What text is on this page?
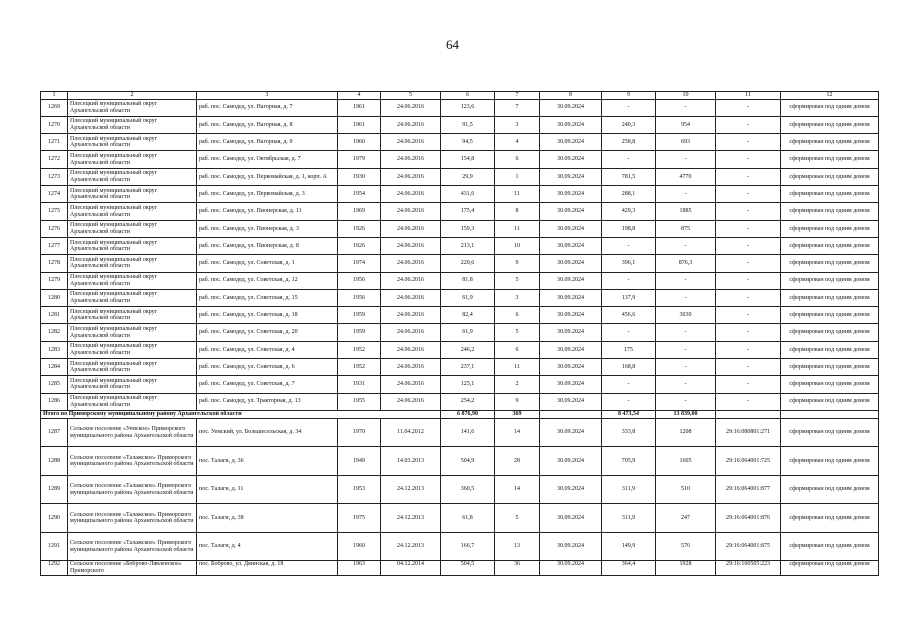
64
1	2	3	4	5	6	7	8	9	10	11	12
1269	Плесецкий муниципальный округ Архангельской области	раб. пос. Самодед, ул. Нагорная, д. 7	1961	24.06.2016	123,6	7	30.09.2024	-	-	-	сформирован под одним домом
1270	Плесецкий муниципальный округ Архангельской области	раб. пос. Самодед, ул. Нагорная, д. 8	1961	24.06.2016	91,5	3	30.09.2024	240,3	954	-	сформирован под одним домом
1271	Плесецкий муниципальный округ Архангельской области	раб. пос. Самодед, ул. Нагорная, д. 9	1960	24.06.2016	94,5	4	30.09.2024	258,8	693	-	сформирован под одним домом
1272	Плесецкий муниципальный округ Архангельской области	раб. пос. Самодед, ул. Октябрьская, д. 7	1979	24.06.2016	154,8	6	30.09.2024	-	-	-	сформирован под одним домом
1273	Плесецкий муниципальный округ Архангельской области	раб. пос. Самодед, ул. Первомайская, д. 1, корп. А	1930	24.06.2016	29,9	1	30.09.2024	781,5	4770	-	сформирован под одним домом
1274	Плесецкий муниципальный округ Архангельской области	раб. пос. Самодед, ул. Первомайская, д. 3	1954	24.06.2016	431,6	11	30.09.2024	288,1	-	-	сформирован под одним домом
1275	Плесецкий муниципальный округ Архангельской области	раб. пос. Самодед, ул. Пионерская, д. 11	1969	24.06.2016	175,4	8	30.09.2024	429,3	1885	-	сформирован под одним домом
1276	Плесецкий муниципальный округ Архангельской области	раб. пос. Самодед, ул. Пионерская, д. 3	1926	24.06.2016	159,3	11	30.09.2024	198,8	875	-	сформирован под одним домом
1277	Плесецкий муниципальный округ Архангельской области	раб. пос. Самодед, ул. Пионерская, д. 8	1926	24.06.2016	213,1	10	30.09.2024	-	-	-	сформирован под одним домом
1278	Плесецкий муниципальный округ Архангельской области	раб. пос. Самодед, ул. Советская, д. 1	1974	24.06.2016	220,6	9	30.09.2024	396,1	876,3	-	сформирован под одним домом
1279	Плесецкий муниципальный округ Архангельской области	раб. пос. Самодед, ул. Советская, д. 12	1956	24.06.2016	81,8	5	30.09.2024	-	-	-	сформирован под одним домом
1280	Плесецкий муниципальный округ Архангельской области	раб. пос. Самодед, ул. Советская, д. 15	1956	24.06.2016	61,9	3	30.09.2024	137,9	-	-	сформирован под одним домом
1281	Плесецкий муниципальный округ Архангельской области	раб. пос. Самодед, ул. Советская, д. 18	1959	24.06.2016	82,4	6	30.09.2024	456,6	3030	-	сформирован под одним домом
1282	Плесецкий муниципальный округ Архангельской области	раб. пос. Самодед, ул. Советская, д. 20	1959	24.06.2016	61,9	5	30.09.2024	-	-	-	сформирован под одним домом
1283	Плесецкий муниципальный округ Архангельской области	раб. пос. Самодед, ул. Советская, д. 4	1952	24.06.2016	246,2	6	30.09.2024	175	-	-	сформирован под одним домом
1284	Плесецкий муниципальный округ Архангельской области	раб. пос. Самодед, ул. Советская, д. 6	1952	24.06.2016	237,1	11	30.09.2024	168,8	-	-	сформирован под одним домом
1285	Плесецкий муниципальный округ Архангельской области	раб. пос. Самодед, ул. Советская, д. 7	1931	24.06.2016	125,1	2	30.09.2024	-	-	-	сформирован под одним домом
1286	Плесецкий муниципальный округ Архангельской области	раб. пос. Самодед, ул. Тракторная, д. 13	1955	24.06.2016	254,2	9	30.09.2024	-	-	-	сформирован под одним домом
Итого по Приморскому муниципальному району Архангельской области					6 876,90	369		8 473,54	13 839,00		
1287	Сельское поселение «Уемское» Приморского муниципального района Архангельской области	пос. Уемский, ул. Большесельская, д. 34	1970	11.04.2012	141,6	14	30.09.2024	333,8	1208	29:16:080801:271	сформирован под одним домом
1288	Сельское поселение «Талажское» Приморского муниципального района Архангельской области	пос. Талаги, д. 36	1949	14.03.2013	504,9	28	30.09.2024	705,9	1605	29:16:064001:725	сформирован под одним домом
1289	Сельское поселение «Талажское» Приморского муниципального района Архангельской области	пос. Талаги, д. 11	1953	24.12.2013	360,5	14	30.09.2024	311,9	510	29:16:064001:877	сформирован под одним домом
1290	Сельское поселение «Талажское» Приморского муниципального района Архангельской области	пос. Талаги, д. 38	1975	24.12.2013	61,8	5	30.09.2024	311,9	247	29:16:064001:876	сформирован под одним домом
1291	Сельское поселение «Талажское» Приморского муниципального района Архангельской области	пос. Талаги, д. 4	1960	24.12.2013	166,7	13	30.09.2024	149,9	576	29:16:064001:875	сформирован под одним домом
1292	Сельское поселение «Боброво-Лявленское» Приморского	пос. Боброво, ул. Двинская, д. 18	1963	04.12.2014	504,5	36	30.09.2024	364,4	1928	29:16:100505:223	сформирован под одним домом
